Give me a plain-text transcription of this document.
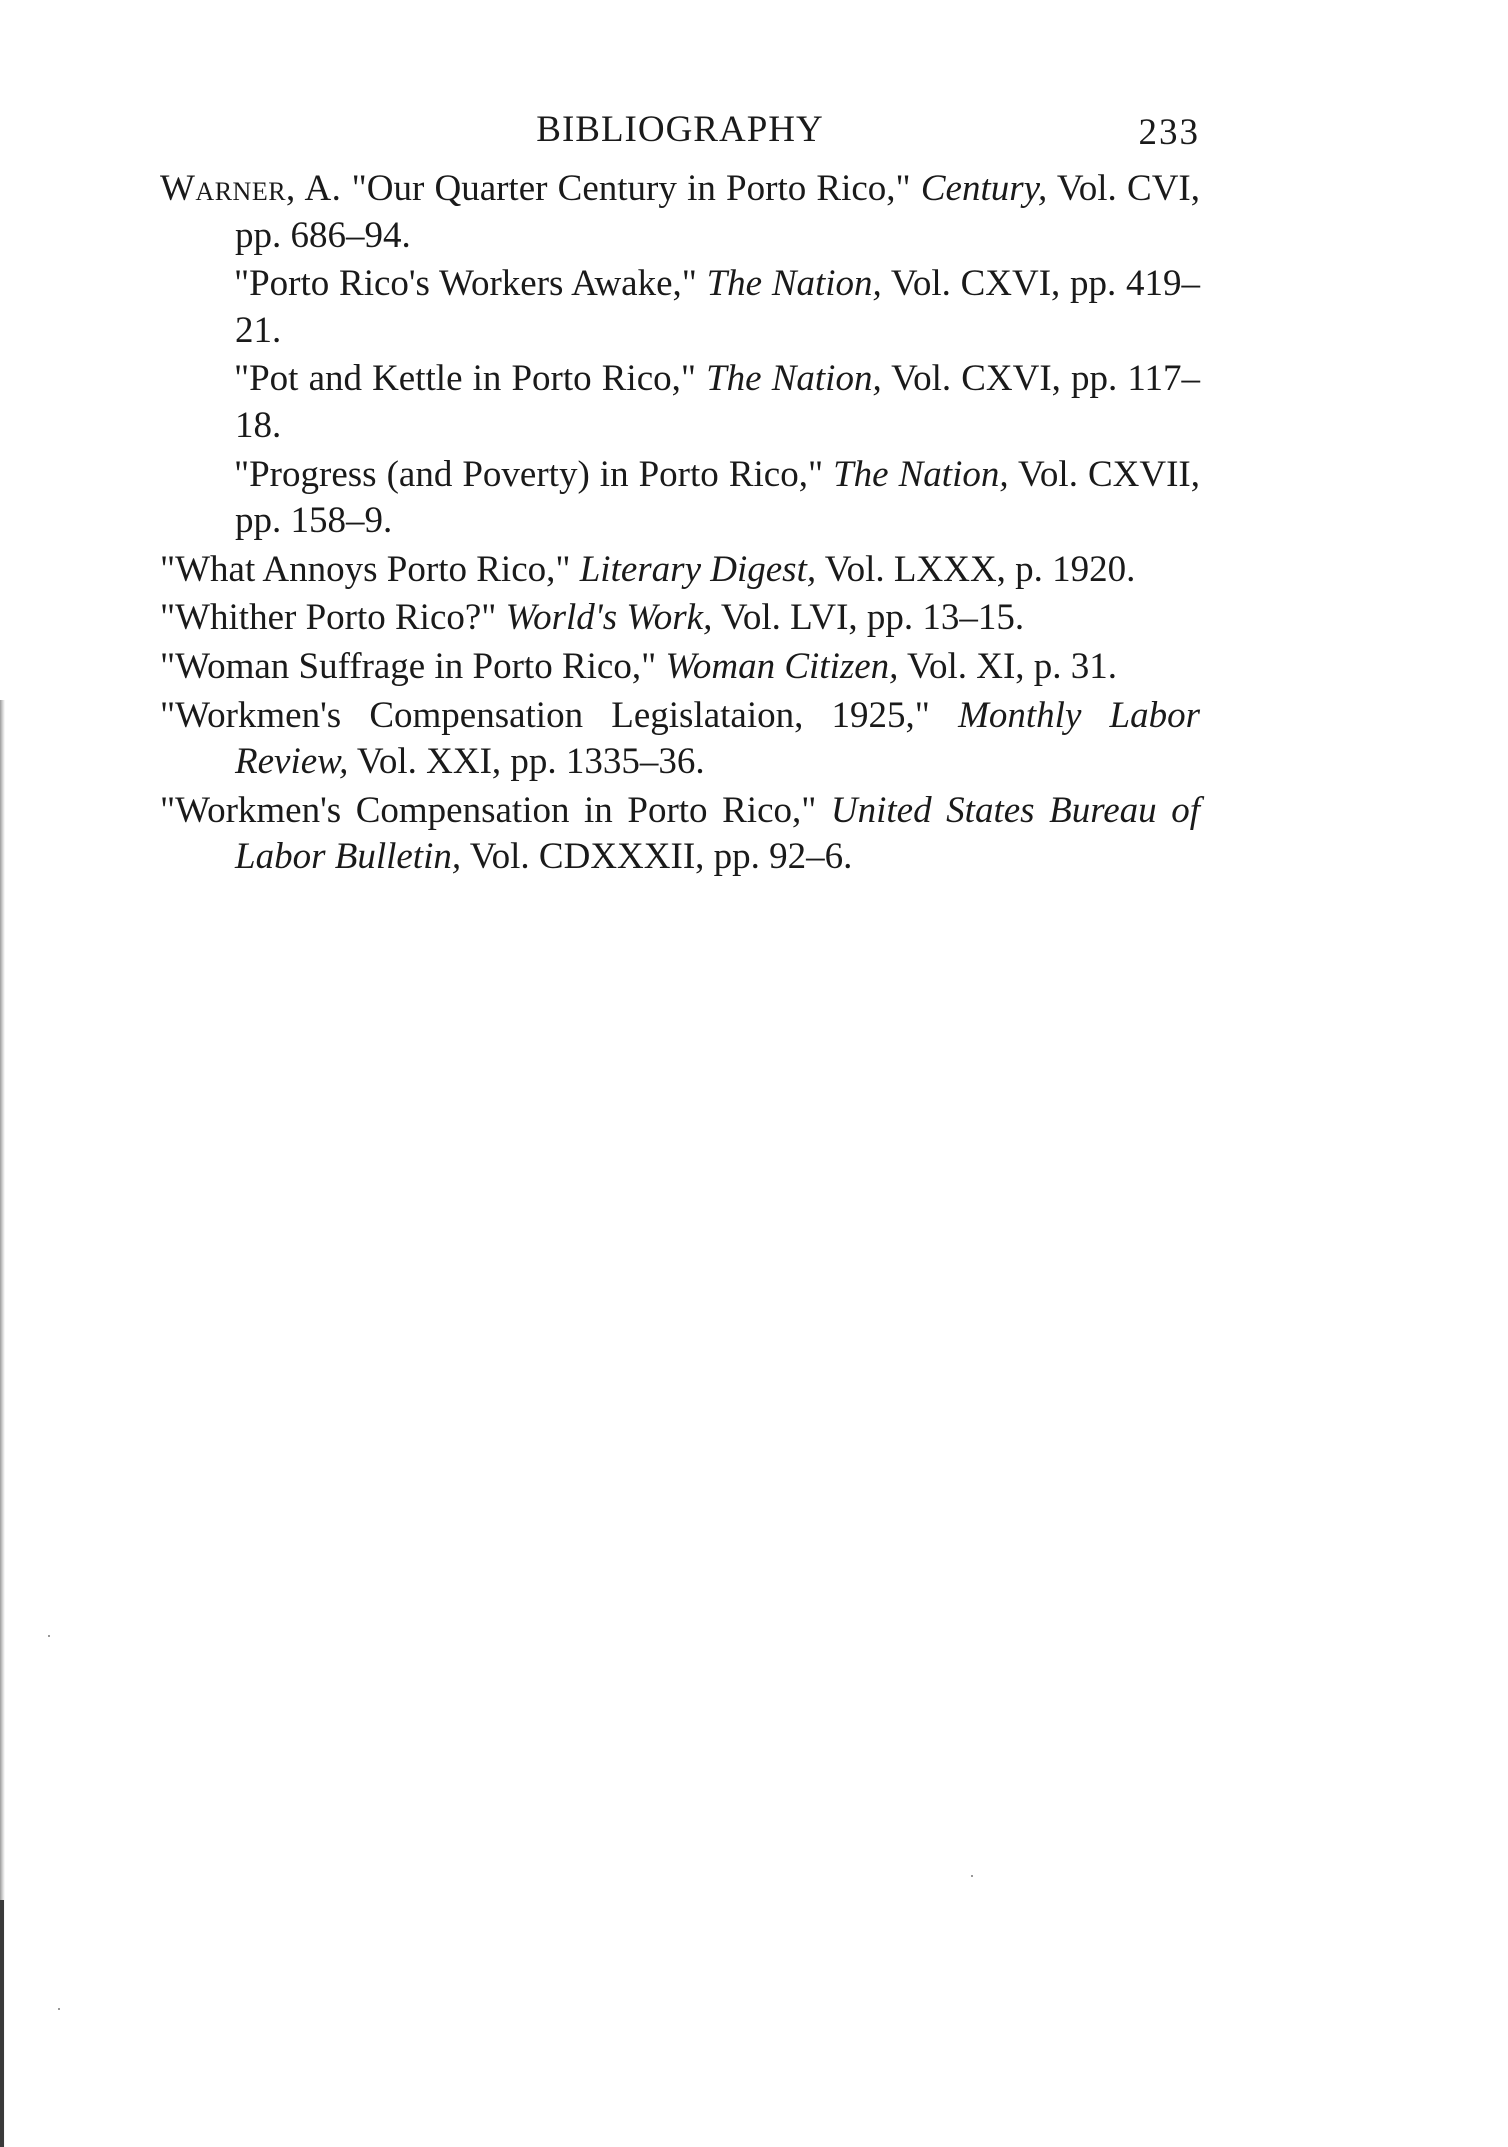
BIBLIOGRAPHY	233

Warner, A. "Our Quarter Century in Porto Rico," Century, Vol. CVI, pp. 686–94.

"Porto Rico's Workers Awake," The Nation, Vol. CXVI, pp. 419–21.

"Pot and Kettle in Porto Rico," The Nation, Vol. CXVI, pp. 117–18.

"Progress (and Poverty) in Porto Rico," The Nation, Vol. CXVII, pp. 158–9.

"What Annoys Porto Rico," Literary Digest, Vol. LXXX, p. 1920.

"Whither Porto Rico?" World's Work, Vol. LVI, pp. 13–15.

"Woman Suffrage in Porto Rico," Woman Citizen, Vol. XI, p. 31.

"Workmen's Compensation Legislataion, 1925," Monthly Labor Review, Vol. XXI, pp. 1335–36.

"Workmen's Compensation in Porto Rico," United States Bureau of Labor Bulletin, Vol. CDXXXII, pp. 92–6.
